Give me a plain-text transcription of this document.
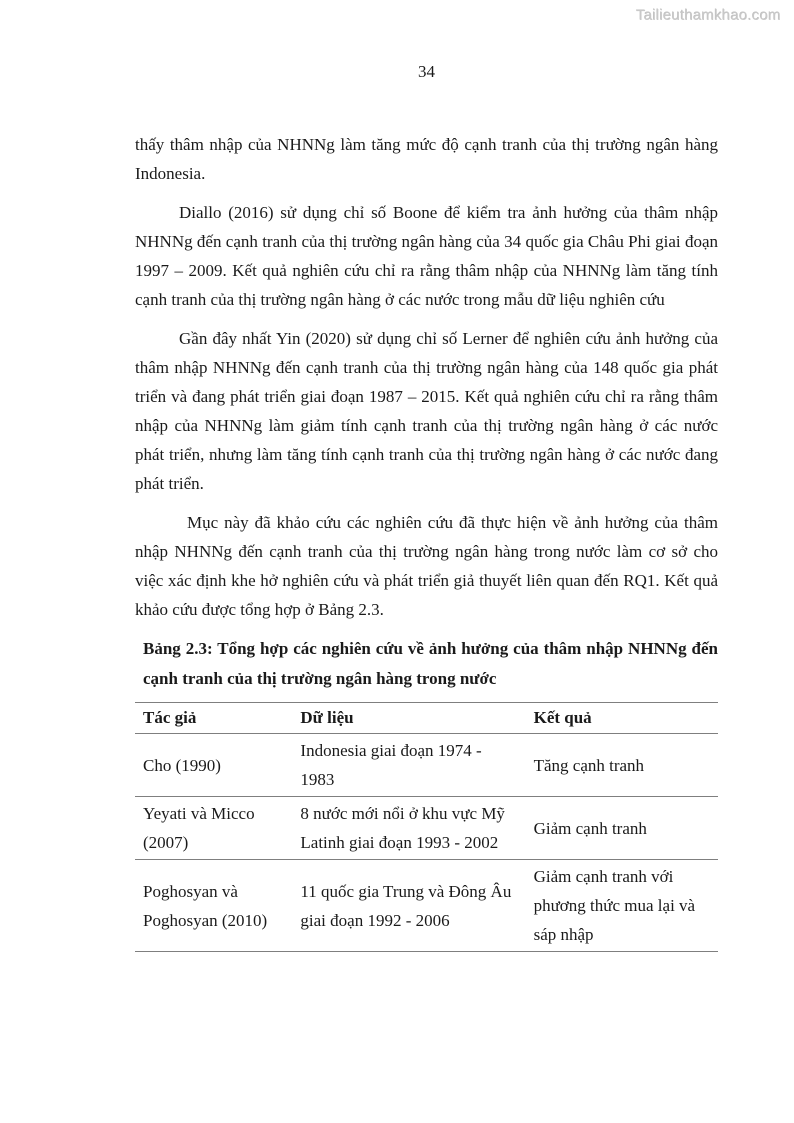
Tailieuthamkhao.com
34

thấy thâm nhập của NHNNg làm tăng mức độ cạnh tranh của thị trường ngân hàng Indonesia.

Diallo (2016) sử dụng chỉ số Boone để kiểm tra ảnh hưởng của thâm nhập NHNNg đến cạnh tranh của thị trường ngân hàng của 34 quốc gia Châu Phi giai đoạn 1997 – 2009. Kết quả nghiên cứu chỉ ra rằng thâm nhập của NHNNg làm tăng tính cạnh tranh của thị trường ngân hàng ở các nước trong mẫu dữ liệu nghiên cứu

Gần đây nhất Yin (2020) sử dụng chỉ số Lerner để nghiên cứu ảnh hưởng của thâm nhập NHNNg đến cạnh tranh của thị trường ngân hàng của 148 quốc gia phát triển và đang phát triển giai đoạn 1987 – 2015. Kết quả nghiên cứu chỉ ra rằng thâm nhập của NHNNg làm giảm tính cạnh tranh của thị trường ngân hàng ở các nước phát triển, nhưng làm tăng tính cạnh tranh của thị trường ngân hàng ở các nước đang phát triển.

Mục này đã khảo cứu các nghiên cứu đã thực hiện về ảnh hưởng của thâm nhập NHNNg đến cạnh tranh của thị trường ngân hàng trong nước làm cơ sở cho việc xác định khe hở nghiên cứu và phát triển giả thuyết liên quan đến RQ1. Kết quả khảo cứu được tổng hợp ở Bảng 2.3.

Bảng 2.3: Tổng hợp các nghiên cứu về ảnh hưởng của thâm nhập NHNNg đến cạnh tranh của thị trường ngân hàng trong nước
Tác giả	Dữ liệu	Kết quả
Cho (1990)	Indonesia giai đoạn 1974 - 1983	Tăng cạnh tranh
Yeyati và Micco (2007)	8 nước mới nổi ở khu vực Mỹ Latinh giai đoạn 1993 - 2002	Giảm cạnh tranh
Poghosyan và Poghosyan (2010)	11 quốc gia Trung và Đông Âu giai đoạn 1992 - 2006	Giảm cạnh tranh với phương thức mua lại và sáp nhập
